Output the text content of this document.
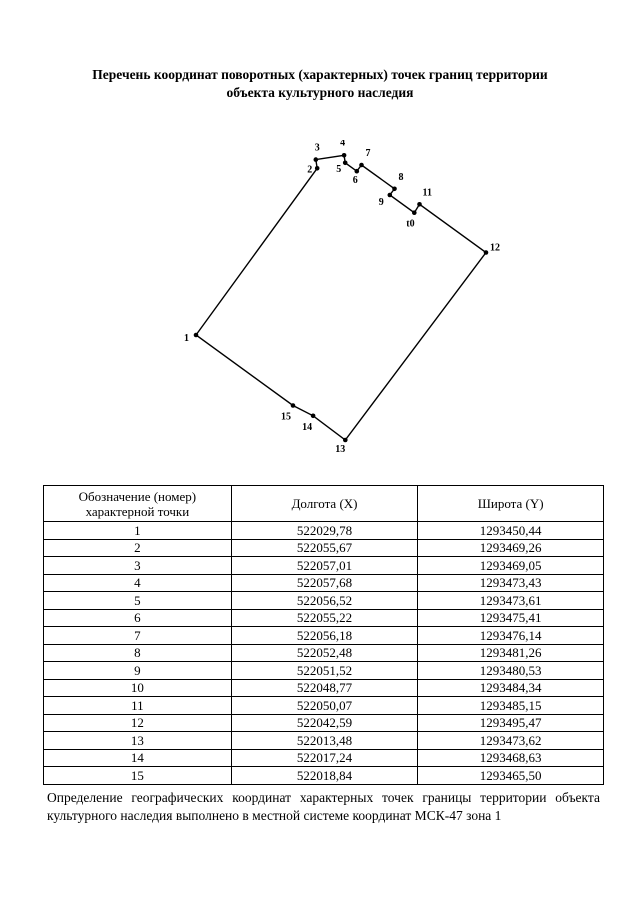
Перечень координат поворотных (характерных) точек границ территории
объекта культурного наследия
1
2
3 4
5
6
7
8
9
t0
11
12
13
14
15
Обозначение (номер)
характерной точки	Долгота (X)	Широта (Y)
1	522029,78	1293450,44
2	522055,67	1293469,26
3	522057,01	1293469,05
4	522057,68	1293473,43
5	522056,52	1293473,61
6	522055,22	1293475,41
7	522056,18	1293476,14
8	522052,48	1293481,26
9	522051,52	1293480,53
10	522048,77	1293484,34
11	522050,07	1293485,15
12	522042,59	1293495,47
13	522013,48	1293473,62
14	522017,24	1293468,63
15	522018,84	1293465,50
Определение географических координат характерных точек границы территории объекта культурного наследия выполнено в местной системе координат МСК-47 зона 1
